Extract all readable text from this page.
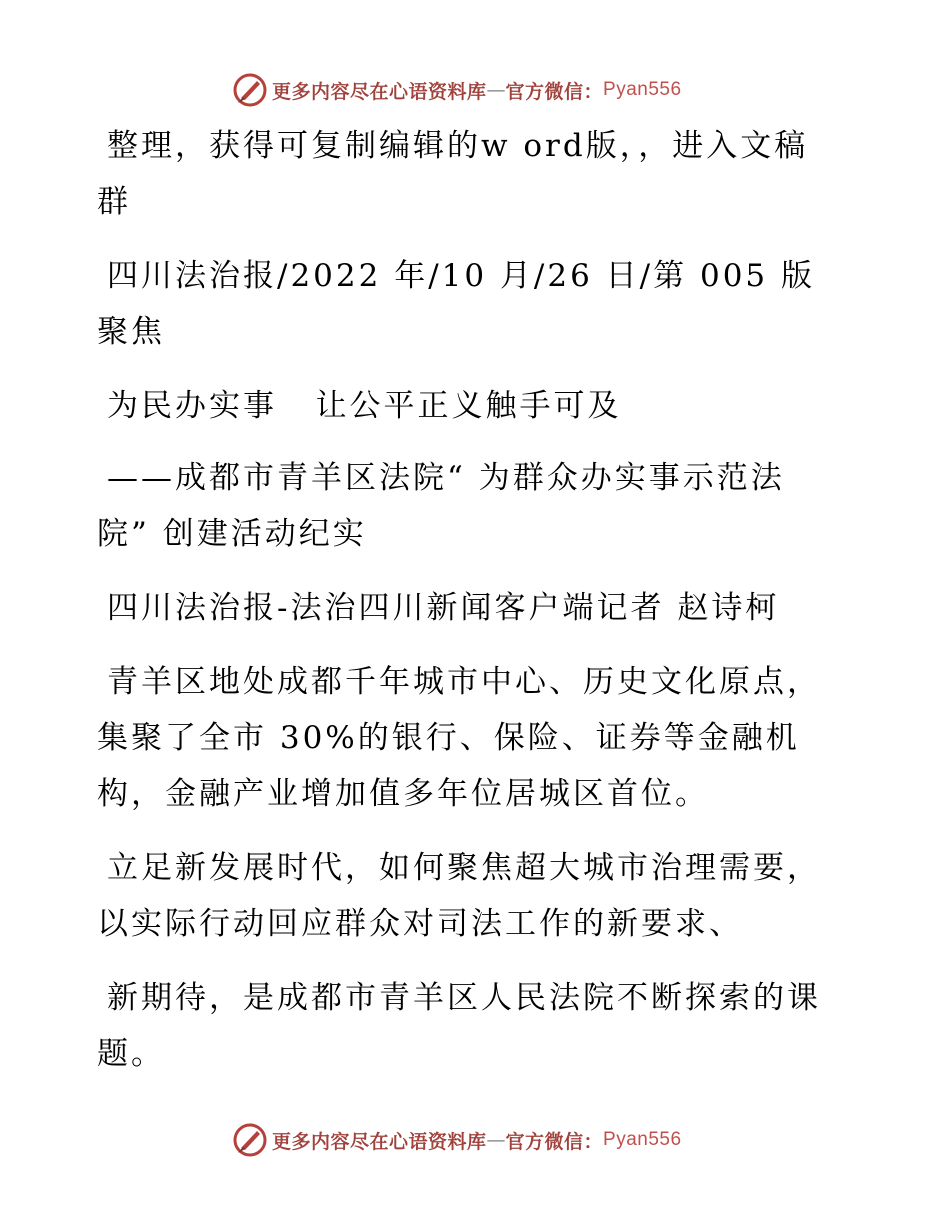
更多内容尽在心语资料库 — 官方微信： Pyan556

整理，获得可复制编辑的w ord版，，进入文稿群

四川法治报/2022 年/10 月/26 日/第 005 版聚焦

为民办实事   让公平正义触手可及

——成都市青羊区法院“ 为群众办实事示范法院” 创建活动纪实

四川法治报-法治四川新闻客户端记者 赵诗柯

青羊区地处成都千年城市中心、历史文化原点，集聚了全市 30%的银行、保险、证券等金融机构，金融产业增加值多年位居城区首位。

立足新发展时代，如何聚焦超大城市治理需要，以实际行动回应群众对司法工作的新要求、

新期待，是成都市青羊区人民法院不断探索的课题。

更多内容尽在心语资料库 — 官方微信： Pyan556
